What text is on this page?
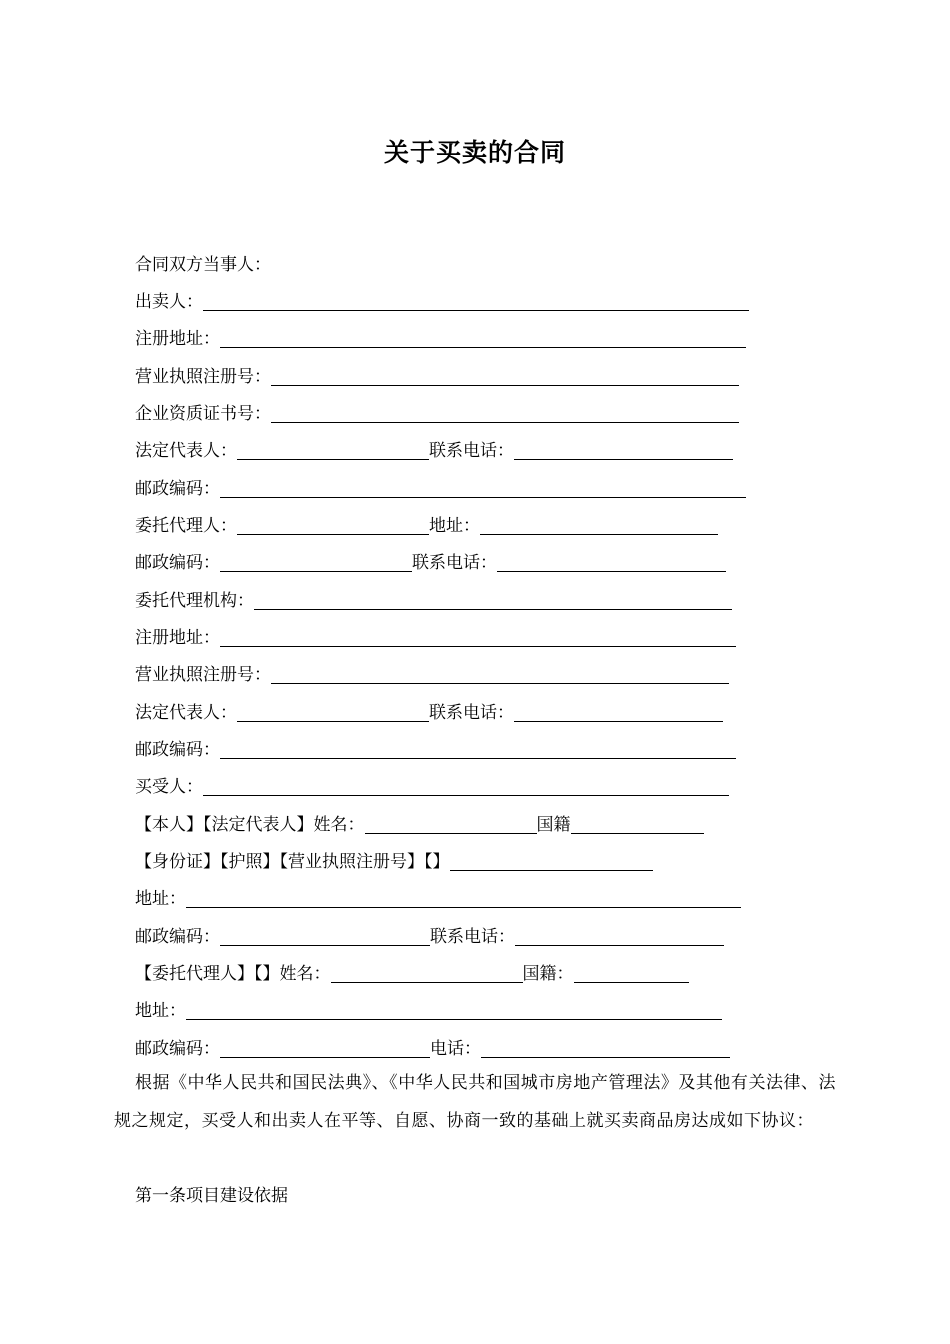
关于买卖的合同
合同双方当事人：
出卖人：
注册地址：
营业执照注册号：
企业资质证书号：
法定代表人：	联系电话：
邮政编码：
委托代理人：	地址：
邮政编码：	联系电话：
委托代理机构：
注册地址：
营业执照注册号：
法定代表人：	联系电话：
邮政编码：
买受人：
【本人】【法定代表人】姓名：	国籍
【身份证】【护照】【营业执照注册号】【】
地址：
邮政编码：	联系电话：
【委托代理人】【】姓名：	国籍：
地址：
邮政编码：	电话：
根据《中华人民共和国民法典》、《中华人民共和国城市房地产管理法》及其他有关法律、法规之规定，买受人和出卖人在平等、自愿、协商一致的基础上就买卖商品房达成如下协议：
第一条项目建设依据
